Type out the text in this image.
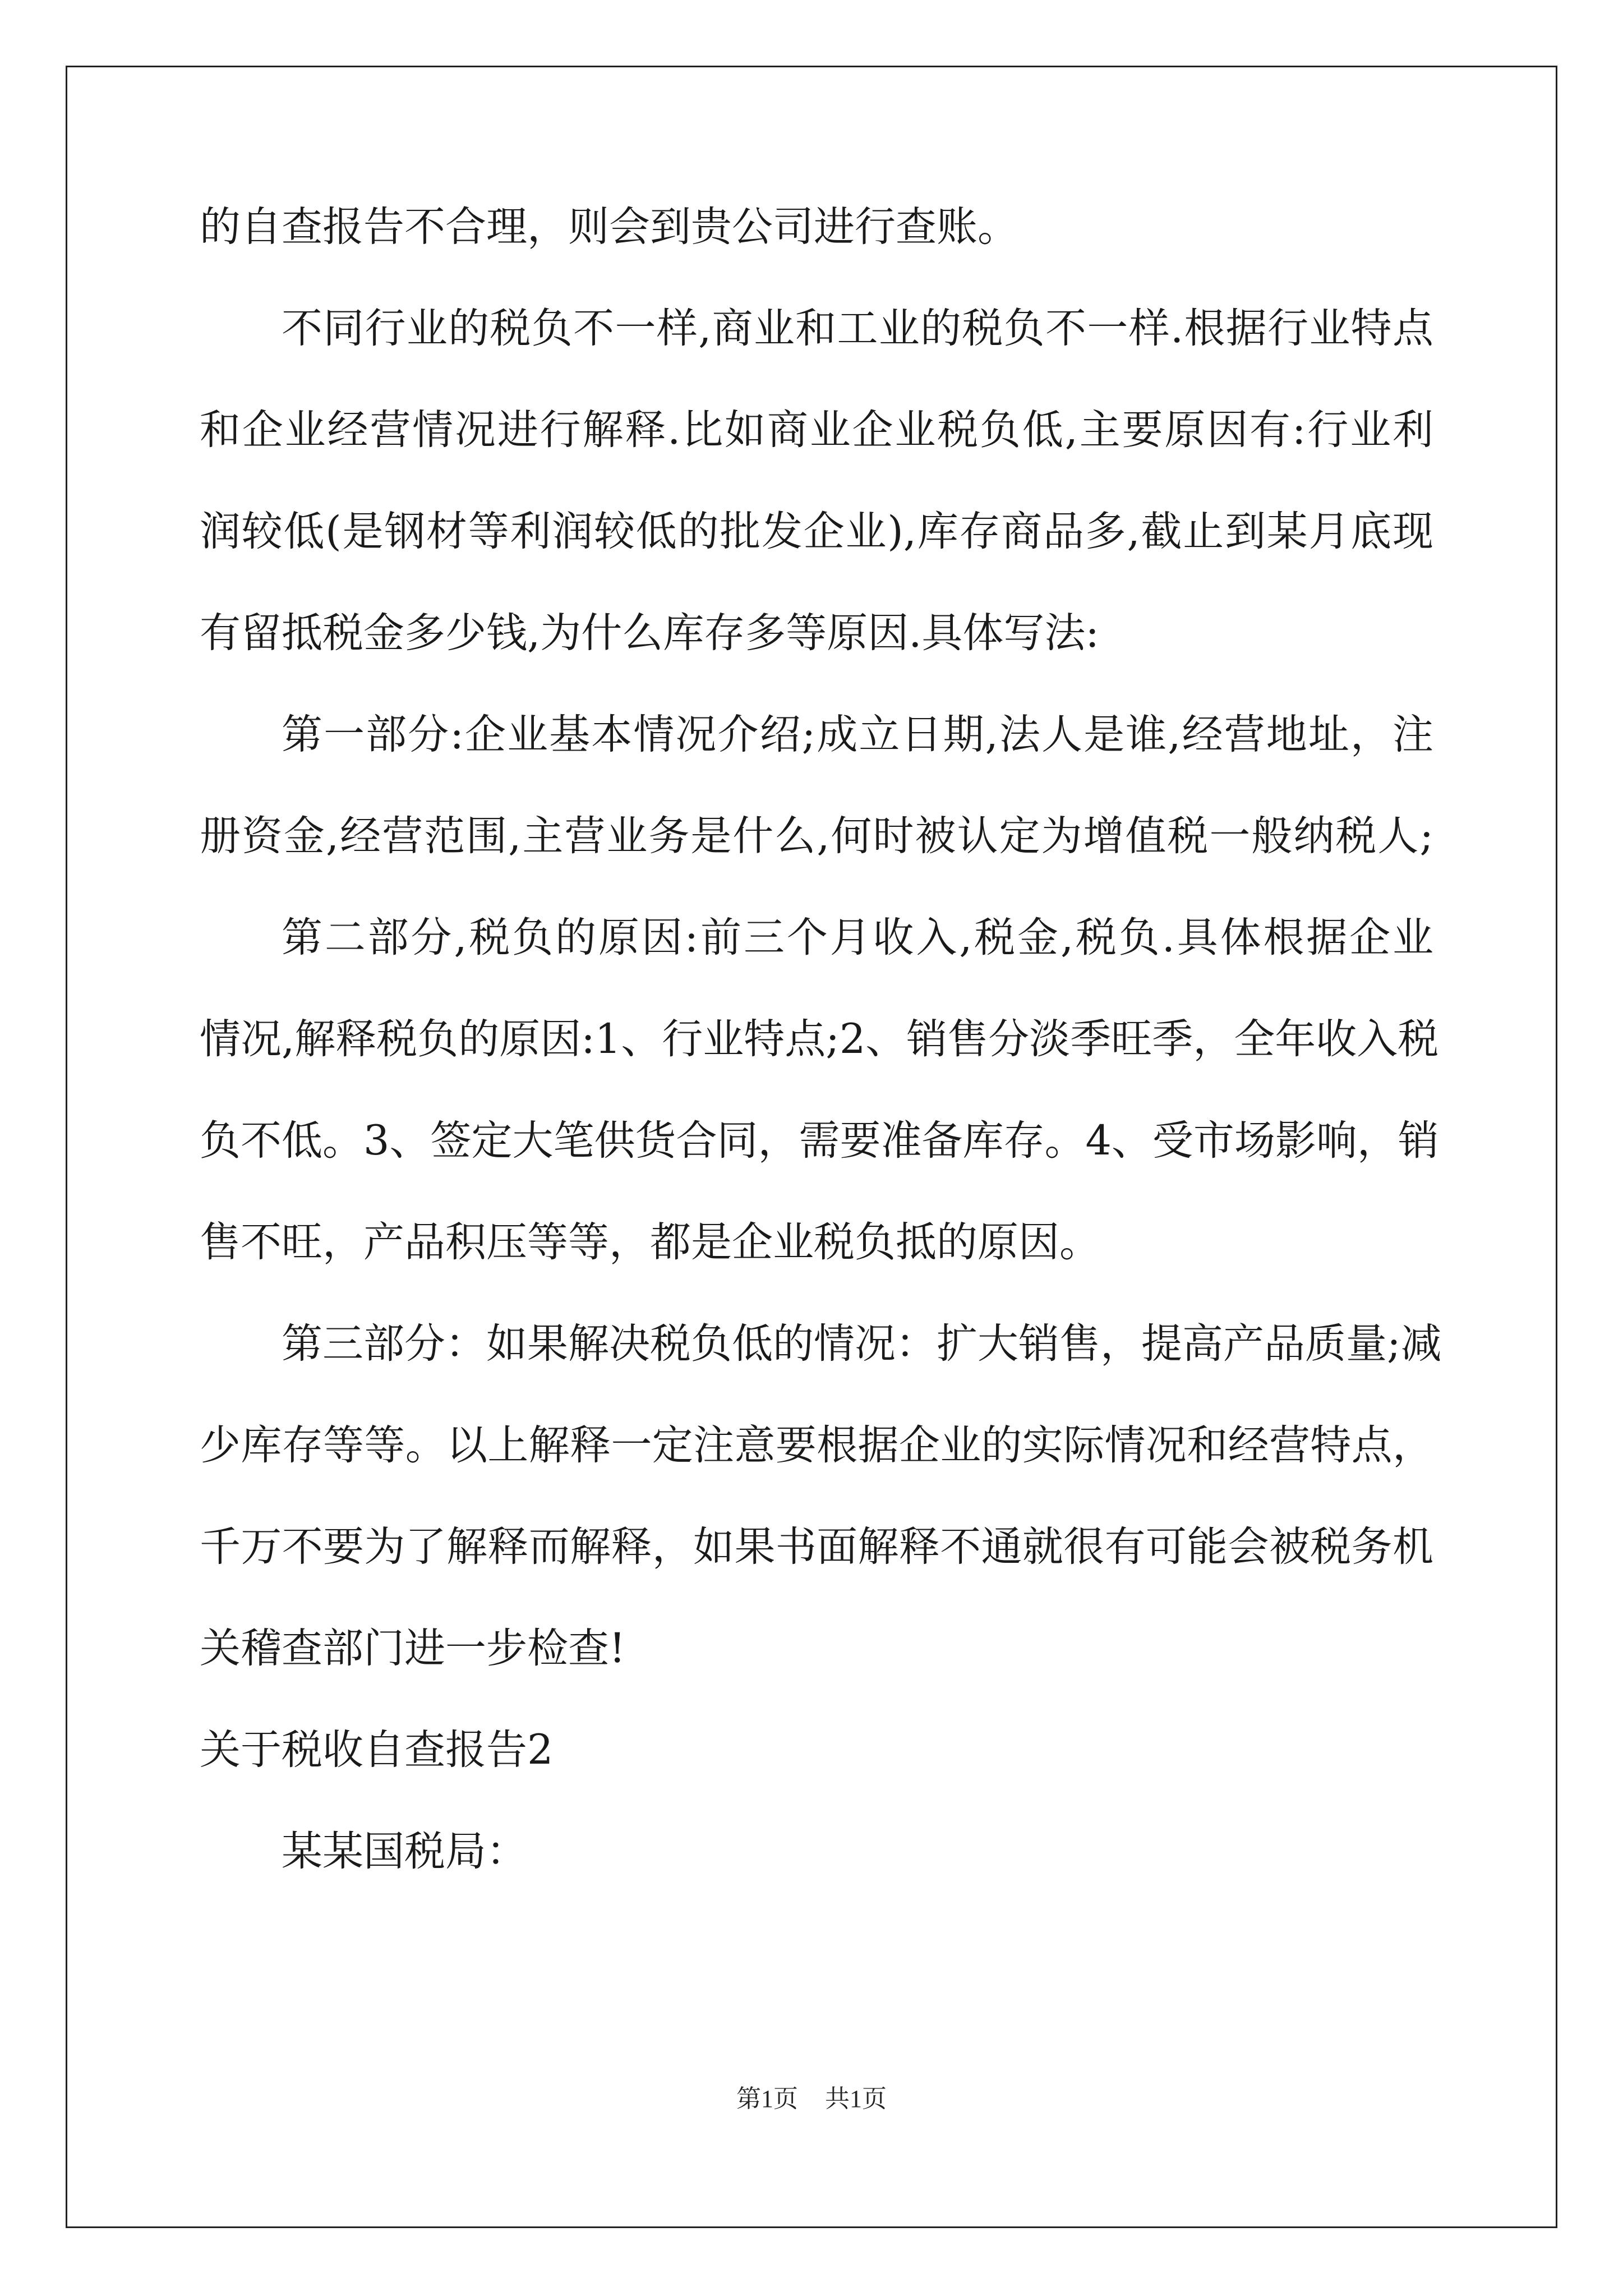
的自查报告不合理，则会到贵公司进行查账。
不同行业的税负不一样,商业和工业的税负不一样.根据行业特点
和企业经营情况进行解释.比如商业企业税负低,主要原因有:行业利
润较低(是钢材等利润较低的批发企业),库存商品多,截止到某月底现
有留抵税金多少钱,为什么库存多等原因.具体写法:
第一部分:企业基本情况介绍;成立日期,法人是谁,经营地址，注
册资金,经营范围,主营业务是什么,何时被认定为增值税一般纳税人;
第二部分,税负的原因:前三个月收入,税金,税负.具体根据企业
情况,解释税负的原因:1、行业特点;2、销售分淡季旺季，全年收入税
负不低。3、签定大笔供货合同，需要准备库存。4、受市场影响，销
售不旺，产品积压等等，都是企业税负抵的原因。
第三部分：如果解决税负低的情况：扩大销售，提高产品质量;减
少库存等等。以上解释一定注意要根据企业的实际情况和经营特点，
千万不要为了解释而解释，如果书面解释不通就很有可能会被税务机
关稽查部门进一步检查!
关于税收自查报告2
某某国税局：
第1页 共1页
